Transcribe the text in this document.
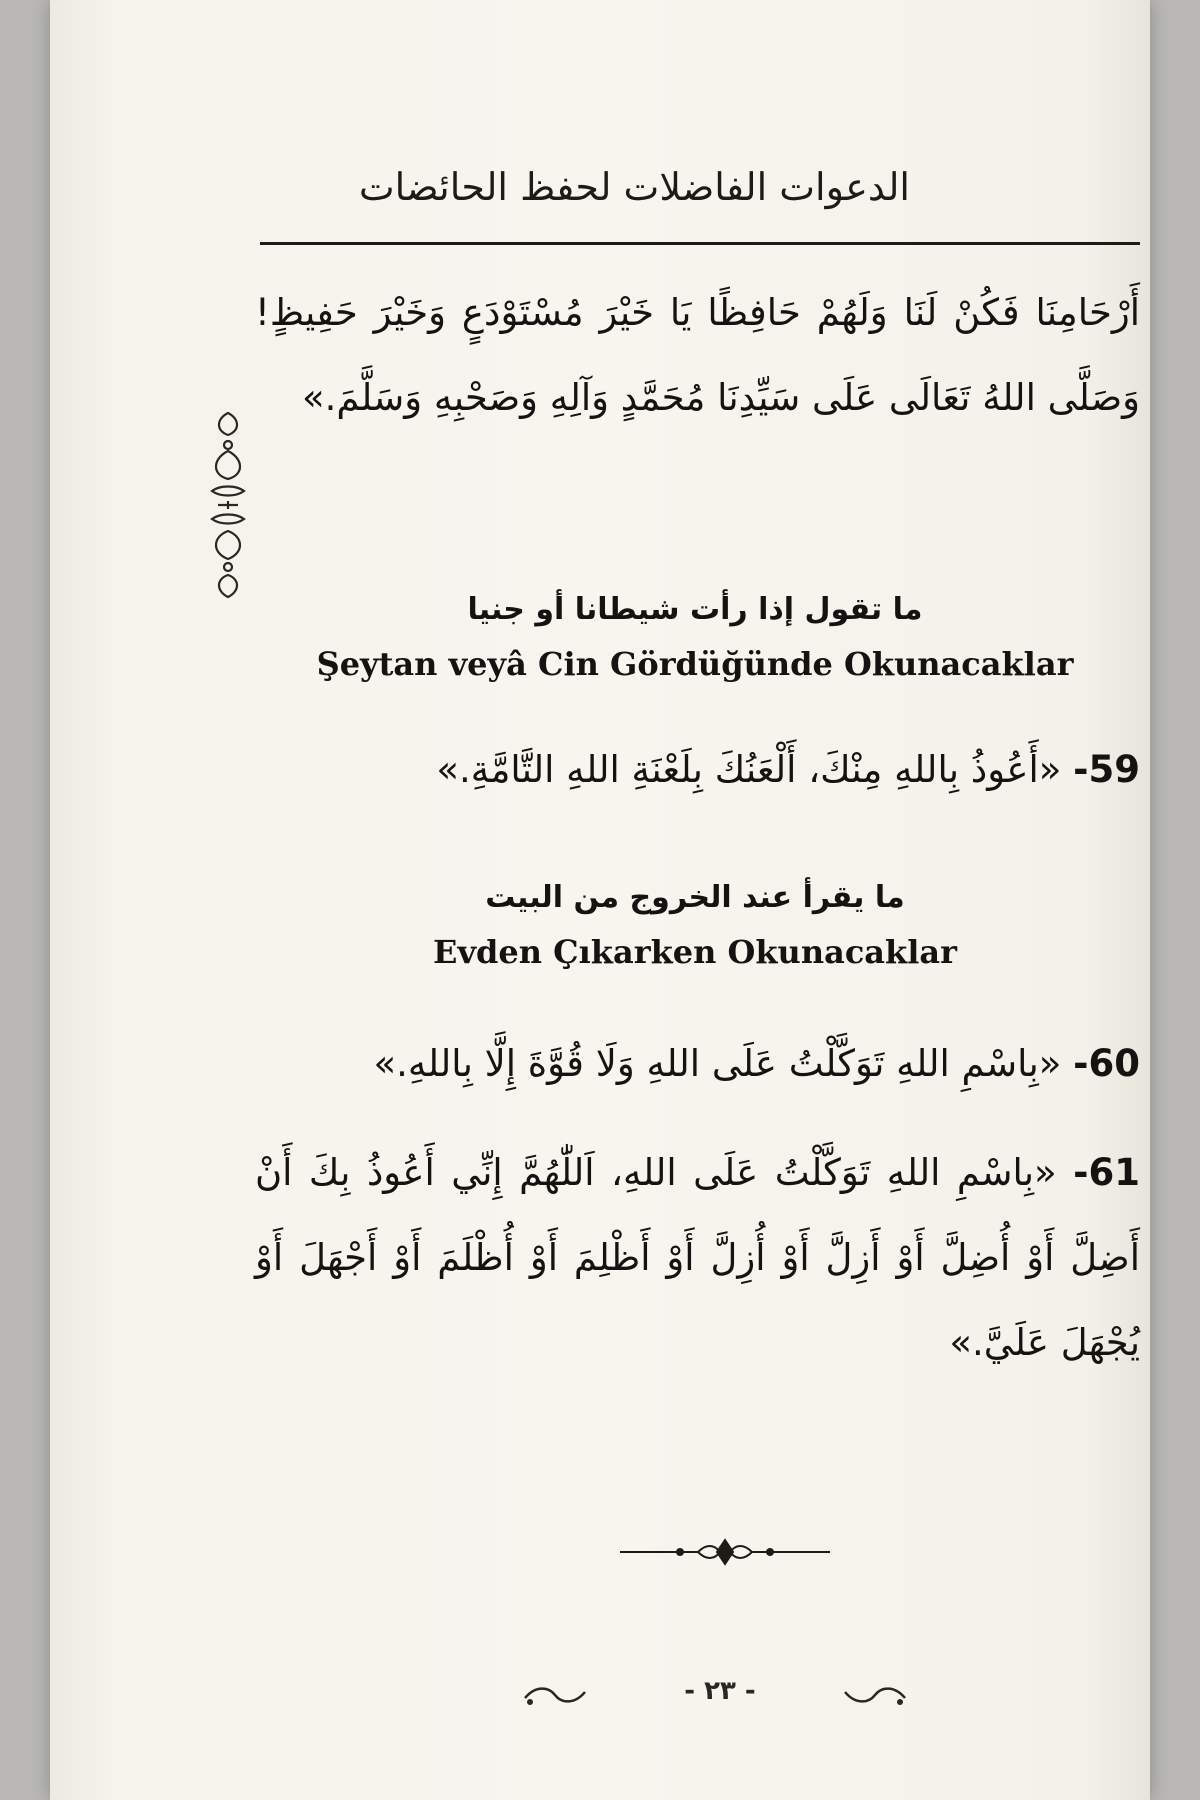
الدعوات الفاضلات لحفظ الحائضات
أَرْحَامِنَا فَكُنْ لَنَا وَلَهُمْ حَافِظًا يَا خَيْرَ مُسْتَوْدَعٍ وَخَيْرَ حَفِيظٍ! وَصَلَّى اللهُ تَعَالَى عَلَى سَيِّدِنَا مُحَمَّدٍ وَآلِهِ وَصَحْبِهِ وَسَلَّمَ.»
ما تقول إذا رأت شيطانا أو جنيا
Şeytan veyâ Cin Gördüğünde Okunacaklar
59- «أَعُوذُ بِاللهِ مِنْكَ، أَلْعَنُكَ بِلَعْنَةِ اللهِ التَّامَّةِ.»
ما يقرأ عند الخروج من البيت
Evden Çıkarken Okunacaklar
60- «بِاسْمِ اللهِ تَوَكَّلْتُ عَلَى اللهِ وَلَا قُوَّةَ إِلَّا بِاللهِ.»
61- «بِاسْمِ اللهِ تَوَكَّلْتُ عَلَى اللهِ، اَللّٰهُمَّ إِنِّي أَعُوذُ بِكَ أَنْ أَضِلَّ أَوْ أُضِلَّ أَوْ أَزِلَّ أَوْ أُزِلَّ أَوْ أَظْلِمَ أَوْ أُظْلَمَ أَوْ أَجْهَلَ أَوْ يُجْهَلَ عَلَيَّ.»
- ٢٣ -
